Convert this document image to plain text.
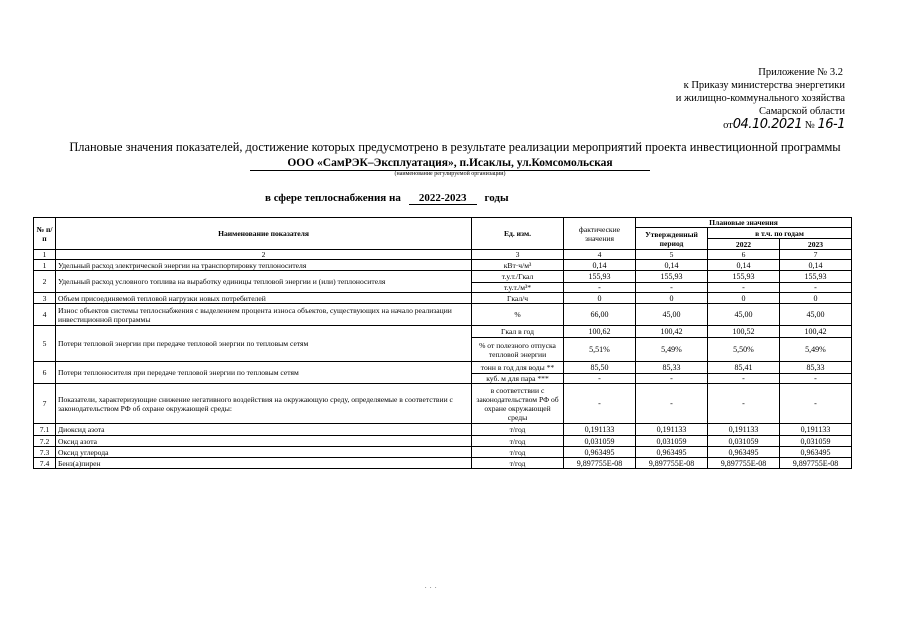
Приложение № 3.2
к Приказу министерства энергетики
и жилищно-коммунального хозяйства
Самарской области
от04.10.2021 № 16-1
Плановые значения показателей, достижение которых предусмотрено в результате реализации мероприятий проекта инвестиционной программы
ООО «СамРЭК–Эксплуатация», п.Исаклы, ул.Комсомольская
(наименование регулируемой организации)
в сфере теплоснабжения на 2022-2023 годы
№ п/п	Наименование показателя	Ед. изм.	фактические значения	Плановые значения		
				Утвержденный период	в т.ч. по годам	
					2022	2023
1	2	3	4	5	6	7
1	Удельный расход электрической энергии на транспортировку теплоносителя	кВт·ч/м³	0,14	0,14	0,14	0,14
2	Удельный расход условного топлива на выработку единицы тепловой энергии и (или) теплоносителя	т.у.т./Гкал	155,93	155,93	155,93	155,93
		т.у.т./м³*	-	-	-	-
3	Объем присоединяемой тепловой нагрузки новых потребителей	Гкал/ч	0	0	0	0
4	Износ объектов системы теплоснабжения с выделением процента износа объектов, существующих на начало реализации инвестиционной программы	%	66,00	45,00	45,00	45,00
5	Потери тепловой энергии при передаче тепловой энергии по тепловым сетям	Гкал в год	100,62	100,42	100,52	100,42
		% от полезного отпуска тепловой энергии	5,51%	5,49%	5,50%	5,49%
6	Потери теплоносителя при передаче тепловой энергии по тепловым сетям	тонн в год для воды **	85,50	85,33	85,41	85,33
		куб. м для пара ***	-	-	-	-
7	Показатели, характеризующие снижение негативного воздействия на окружающую среду, определяемые в соответствии с законодательством РФ об охране окружающей среды:	в соответствии с законодательством РФ об охране окружающей среды	-	-	-	-
7.1	Диоксид азота	т/год	0,191133	0,191133	0,191133	0,191133
7.2	Оксид азота	т/год	0,031059	0,031059	0,031059	0,031059
7.3	Оксид углерода	т/год	0,963495	0,963495	0,963495	0,963495
7.4	Бенз(а)пирен	т/год	9,897755E-08	9,897755E-08	9,897755E-08	9,897755E-08
. . .
